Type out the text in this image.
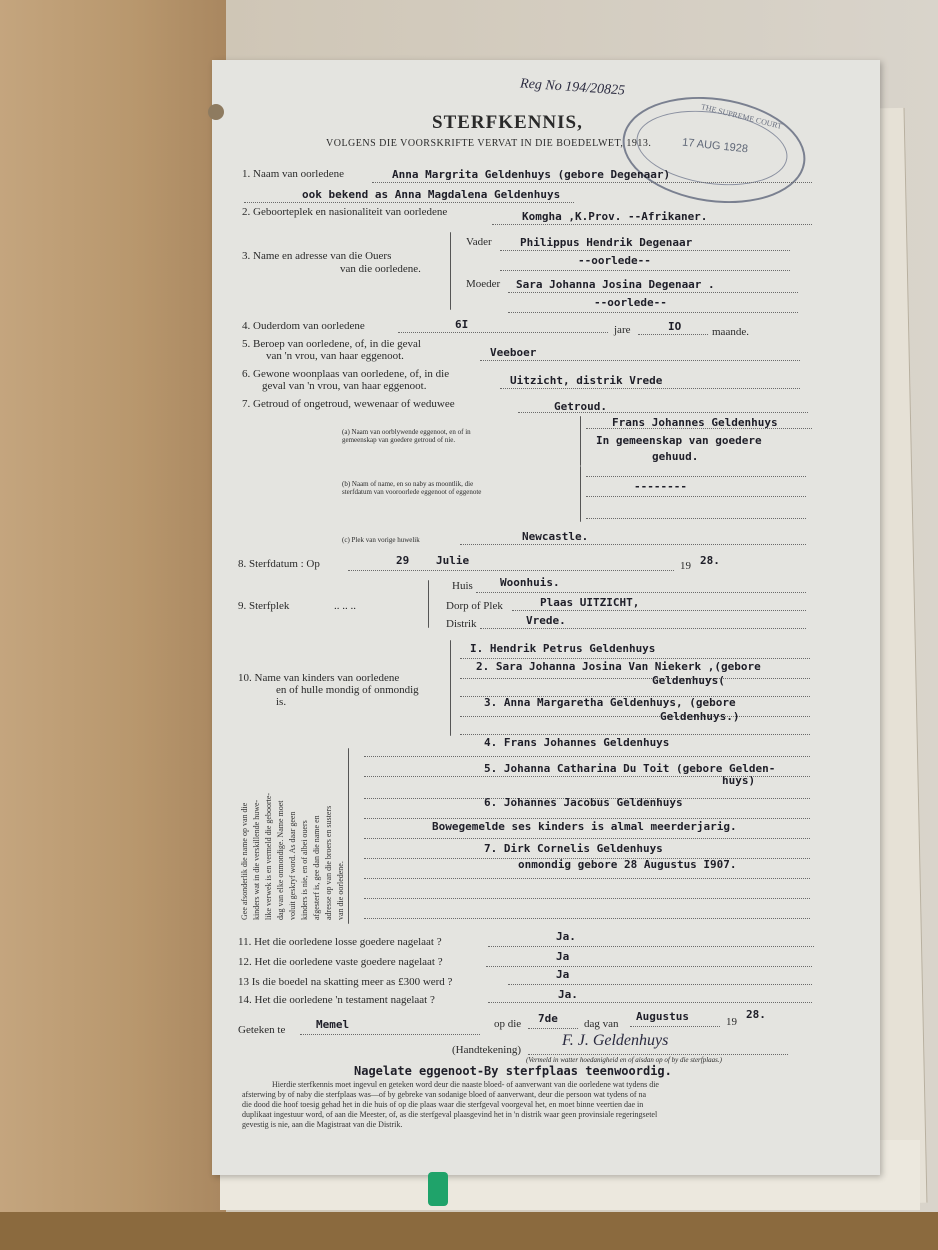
THE SUPREME COURT
17 AUG 1928
Reg No 194/20825
STERFKENNIS,
VOLGENS DIE VOORSKRIFTE VERVAT IN DIE BOEDELWET, 1913.
1. Naam van oorledene	Anna Margrita Geldenhuys (gebore Degenaar)
ook bekend as Anna Magdalena Geldenhuys
2. Geboorteplek en nasionaliteit van oorledene	Komgha ,K.Prov. --Afrikaner.
3. Name en adresse van die Ouers
van die oorledene.
Vader	Philippus Hendrik Degenaar
--oorlede--
Moeder Sara Johanna Josina Degenaar .
--oorlede--
4. Ouderdom van oorledene	6I	jare	IO	maande.
5. Beroep van oorledene, of, in die geval
van 'n vrou, van haar eggenoot.	Veeboer
6. Gewone woonplaas van oorledene, of, in die
geval van 'n vrou, van haar eggenoot.	Uitzicht, distrik Vrede
7. Getroud of ongetroud, wewenaar of weduwee	Getroud.
(a) Naam van oorblywende eggenoot, en of in
gemeenskap van goedere getroud of nie.
Frans Johannes Geldenhuys
In gemeenskap van goedere
gehuud.
(b) Naam of name, en so naby as moontlik, die
sterfdatum van vooroorlede eggenoot of eggenote	--------
(c) Plek van vorige huwelik	Newcastle.
8. Sterfdatum : Op	29 Julie	19 28.
9. Sterfplek	.. .. ..
Huis Woonhuis.
Dorp of Plek	Plaas UITZICHT,
Distrik	Vrede.
10. Name van kinders van oorledene
en of hulle mondig of onmondig
is.
Gee afsonderlik die name op van die kinders wat in die verskillende huwe- like verwek is en vermeld die geboorte- dag van elke onmondige. Name moet voluit geskryf word. As daar geen kinders is nie, en of albei ouers afgesterf is, gee dan die name en adresse op van die broers en susters van die oorledene.
I. Hendrik Petrus Geldenhuys
2. Sara Johanna Josina Van Niekerk ,(gebore
Geldenhuys(
3. Anna Margaretha Geldenhuys, (gebore
Geldenhuys.)
4. Frans Johannes Geldenhuys
5. Johanna Catharina Du Toit (gebore Gelden-
huys)
6. Johannes Jacobus Geldenhuys
Bowegemelde ses kinders is almal meerderjarig.
7. Dirk Cornelis Geldenhuys
onmondig gebore 28 Augustus I907.
11. Het die oorledene losse goedere nagelaat ?	Ja.
12. Het die oorledene vaste goedere nagelaat ?	Ja
13 Is die boedel na skatting meer as £300 werd ?
Ja
14. Het die oorledene 'n testament nagelaat ?	Ja.
Geteken te	Memel	op die 7de dag van
Augustus	19
28.
(Handtekening)
F. J. Geldenhuys
(Vermeld in watter hoedanigheid en of aisdan op of by die sterfplaas.)
Nagelate eggenoot-By sterfplaas teenwoordig.
Hierdie sterfkennis moet ingevul en geteken word deur die naaste bloed- of aanverwant van die oorledene wat tydens die
afsterwing by of naby die sterfplaas was—of by gebreke van sodanige bloed of aanverwant, deur die persoon wat tydens of na
die dood die hoof toesig gehad het in die huis of op die plaas waar die sterfgeval voorgeval het, en moet binne veertien dae in
duplikaat ingestuur word, of aan die Meester, of, as die sterfgeval plaasgevind het in 'n distrik waar geen provinsiale regeringsetel
gevestig is nie, aan die Magistraat van die Distrik.
